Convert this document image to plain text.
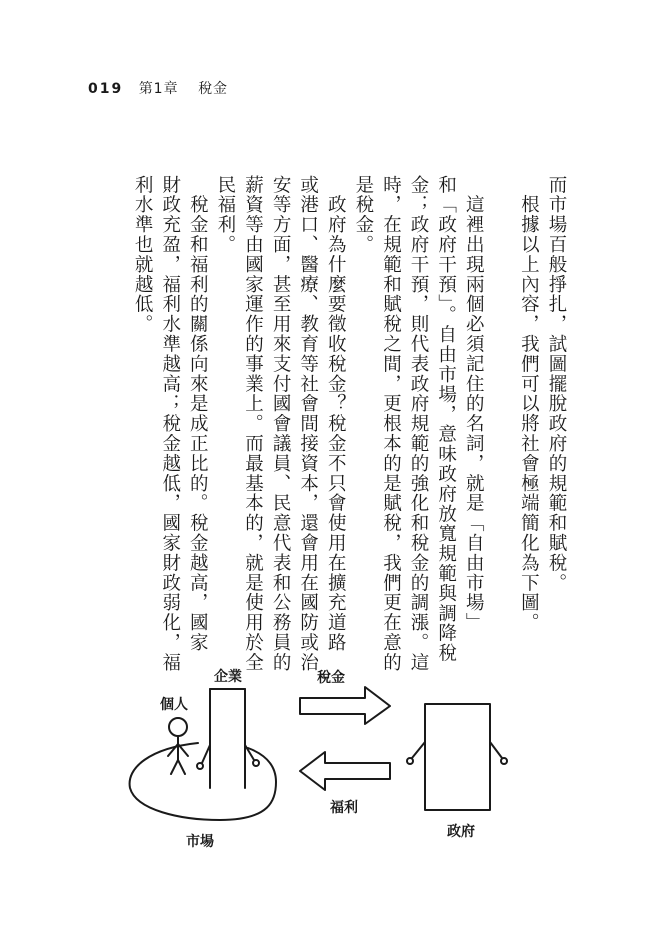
019 第1章 稅金
而市場百般掙扎，試圖擺脫政府的規範和賦稅。
　根據以上內容，我們可以將社會極端簡化為下圖。
　這裡出現兩個必須記住的名詞，就是「自由市場」
和「政府干預」。自由市場，意味政府放寬規範與調降稅
金；政府干預，則代表政府規範的強化和稅金的調漲。這
時，在規範和賦稅之間，更根本的是賦稅，我們更在意的
是稅金。
　政府為什麼要徵收稅金？稅金不只會使用在擴充道路
或港口、醫療、教育等社會間接資本，還會用在國防或治
安等方面，甚至用來支付國會議員、民意代表和公務員的
薪資等由國家運作的事業上。而最基本的，就是使用於全
民福利。
　稅金和福利的關係向來是成正比的。稅金越高，國家
財政充盈，福利水準越高；稅金越低，國家財政弱化，福
利水準也就越低。
個人
企業	稅金
福利
市場
政府
